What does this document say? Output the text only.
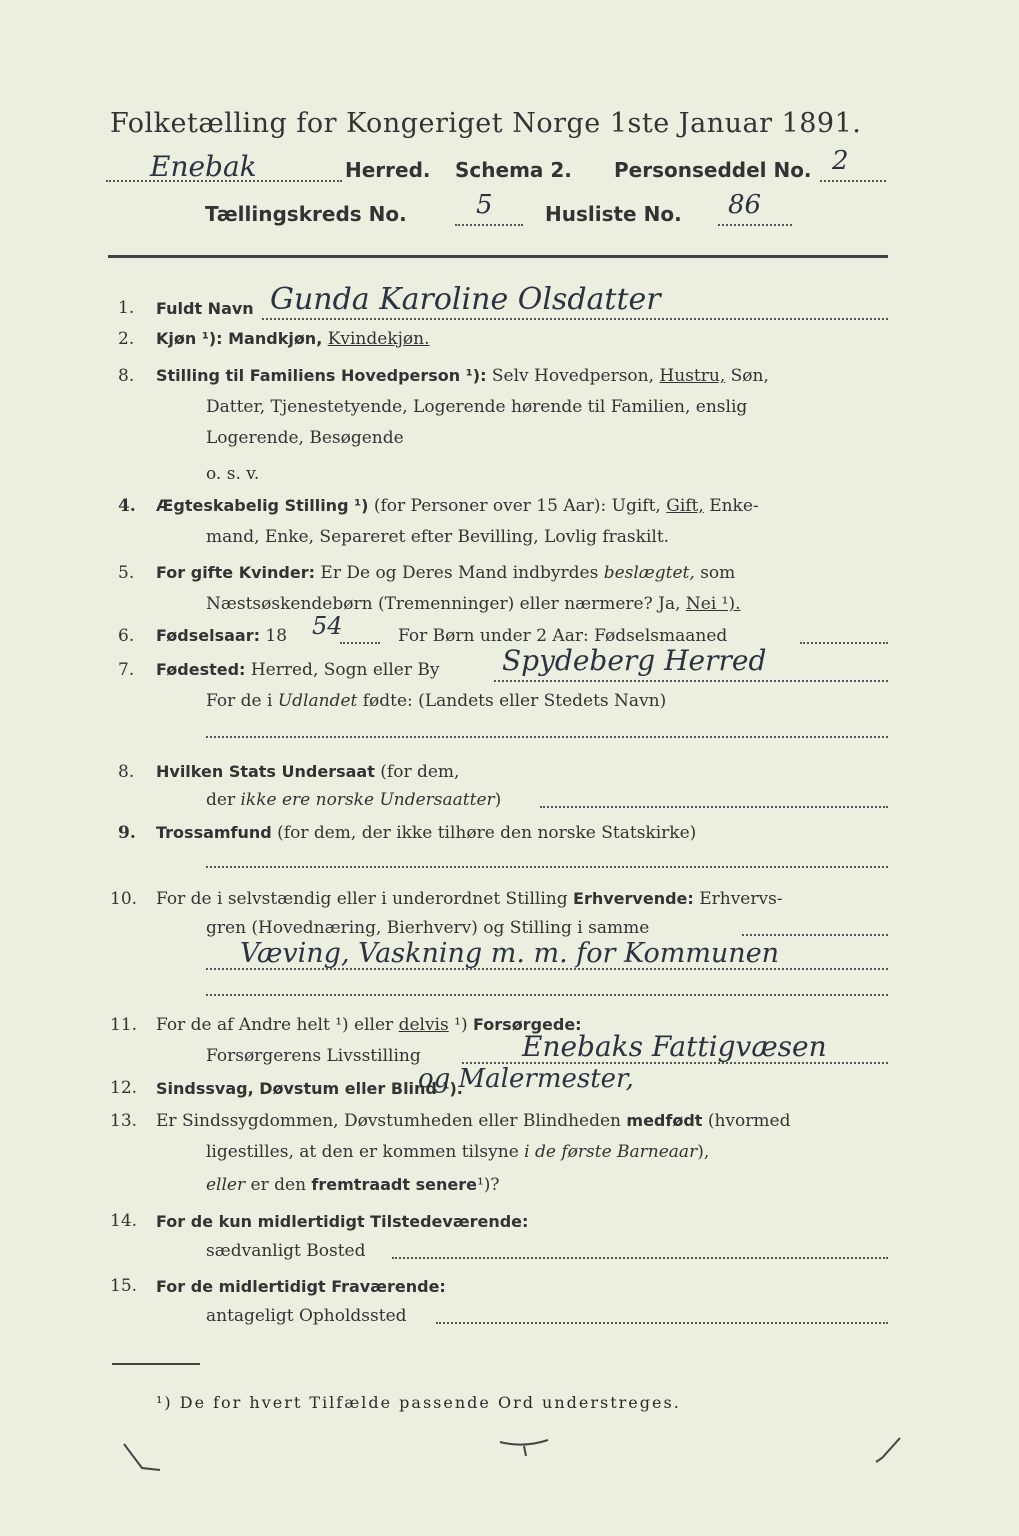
Folketælling for Kongeriget Norge 1ste Januar 1891.
Enebak	Herred. Schema 2. Personseddel No. 2
Tællingskreds No.	5	Husliste No. 86
1. Fuldt Navn Gunda Karoline Olsdatter
2. Kjøn ¹): Mandkjøn, Kvindekjøn.
8. Stilling til Familiens Hovedperson ¹): Selv Hovedperson, Hustru, Søn,
Datter, Tjenestetyende, Logerende hørende til Familien, enslig
Logerende, Besøgende
o. s. v.
4. Ægteskabelig Stilling ¹) (for Personer over 15 Aar): Ugift, Gift, Enke-
mand, Enke, Separeret efter Bevilling, Lovlig fraskilt.
5. For gifte Kvinder: Er De og Deres Mand indbyrdes beslægtet, som
Næstsøskendebørn (Tremenninger) eller nærmere? Ja, Nei ¹).
6. Fødselsaar: 18 54	For Børn under 2 Aar: Fødselsmaaned
7. Fødested: Herred, Sogn eller By Spydeberg Herred
For de i Udlandet fødte: (Landets eller Stedets Navn)
8. Hvilken Stats Undersaat (for dem,
der ikke ere norske Undersaatter)
9. Trossamfund (for dem, der ikke tilhøre den norske Statskirke)
10. For de i selvstændig eller i underordnet Stilling Erhvervende: Erhvervs-
gren (Hovednæring, Bierhverv) og Stilling i samme
Væving, Vaskning m. m. for Kommunen
11. For de af Andre helt ¹) eller delvis ¹) Forsørgede:
Forsørgerens Livsstilling	Enebaks Fattigvæsen
12. Sindssvag, Døvstum eller Blind ¹).
og Malermester,
13. Er Sindssygdommen, Døvstumheden eller Blindheden medfødt (hvormed
ligestilles, at den er kommen tilsyne i de første Barneaar),
eller er den fremtraadt senere¹)?
14. For de kun midlertidigt Tilstedeværende:
sædvanligt Bosted
15. For de midlertidigt Fraværende:
antageligt Opholdssted
¹) De for hvert Tilfælde passende Ord understreges.
